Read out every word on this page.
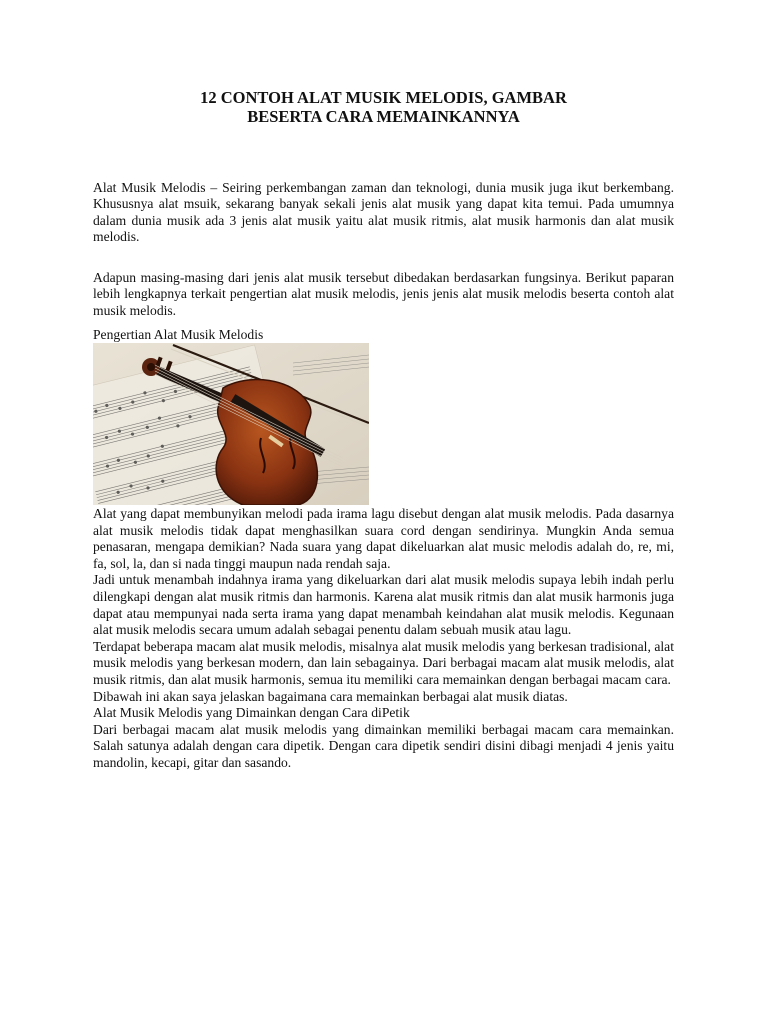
12 CONTOH ALAT MUSIK MELODIS, GAMBAR
BESERTA CARA MEMAINKANNYA

Alat Musik Melodis – Seiring perkembangan zaman dan teknologi, dunia musik juga ikut berkembang. Khususnya alat msuik, sekarang banyak sekali jenis alat musik yang dapat kita temui. Pada umumnya dalam dunia musik ada 3 jenis alat musik yaitu alat musik ritmis, alat musik harmonis dan alat musik melodis.

Adapun masing-masing dari jenis alat musik tersebut dibedakan berdasarkan fungsinya. Berikut paparan lebih lengkapnya terkait pengertian alat musik melodis, jenis jenis alat musik melodis beserta contoh alat musik melodis.

Pengertian Alat Musik Melodis

Alat yang dapat membunyikan melodi pada irama lagu disebut dengan alat musik melodis. Pada dasarnya alat musik melodis tidak dapat menghasilkan suara cord dengan sendirinya. Mungkin Anda semua penasaran, mengapa demikian? Nada suara yang dapat dikeluarkan alat music melodis adalah do, re, mi, fa, sol, la, dan si nada tinggi maupun nada rendah saja.

Jadi untuk menambah indahnya irama yang dikeluarkan dari alat musik melodis supaya lebih indah perlu dilengkapi dengan alat musik ritmis dan harmonis. Karena alat musik ritmis dan alat musik harmonis juga dapat atau mempunyai nada serta irama yang dapat menambah keindahan alat musik melodis. Kegunaan alat musik melodis secara umum adalah sebagai penentu dalam sebuah musik atau lagu.

Terdapat beberapa macam alat musik melodis, misalnya alat musik melodis yang berkesan tradisional, alat musik melodis yang berkesan modern, dan lain sebagainya. Dari berbagai macam alat musik melodis, alat musik ritmis, dan alat musik harmonis, semua itu memiliki cara memainkan dengan berbagai macam cara.

Dibawah ini akan saya jelaskan bagaimana cara memainkan berbagai alat musik diatas.

Alat Musik Melodis yang Dimainkan dengan Cara diPetik

Dari berbagai macam alat musik melodis yang dimainkan memiliki berbagai macam cara memainkan. Salah satunya adalah dengan cara dipetik. Dengan cara dipetik sendiri disini dibagi menjadi 4 jenis yaitu mandolin, kecapi, gitar dan sasando.
